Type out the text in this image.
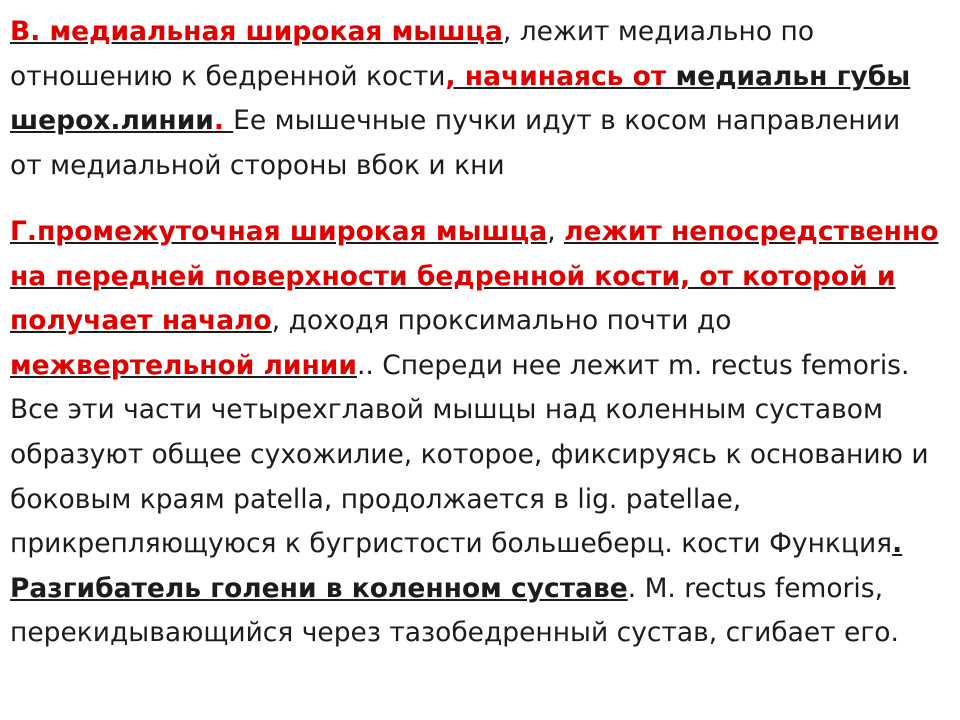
В. медиальная широкая мышца, лежит медиально по отношению к бедренной кости, начинаясь от медиальн губы шерох.линии. Ее мышечные пучки идут в косом направлении от медиальной стороны вбок и кни

Г.промежуточная широкая мышца, лежит непосредственно на передней поверхности бедренной кости, от которой и получает начало, доходя проксимально почти до межвертельной линии.. Спереди нее лежит m. rectus femoris. Все эти части четырехглавой мышцы над коленным суставом образуют общее сухожилие, которое, фиксируясь к основанию и боковым краям patella, продолжается в lig. patellae, прикрепляющуюся к бугристости большеберц. кости Функция. Разгибатель голени в коленном суставе. M. rectus femoris, перекидывающийся через тазобедренный сустав, сгибает его.
